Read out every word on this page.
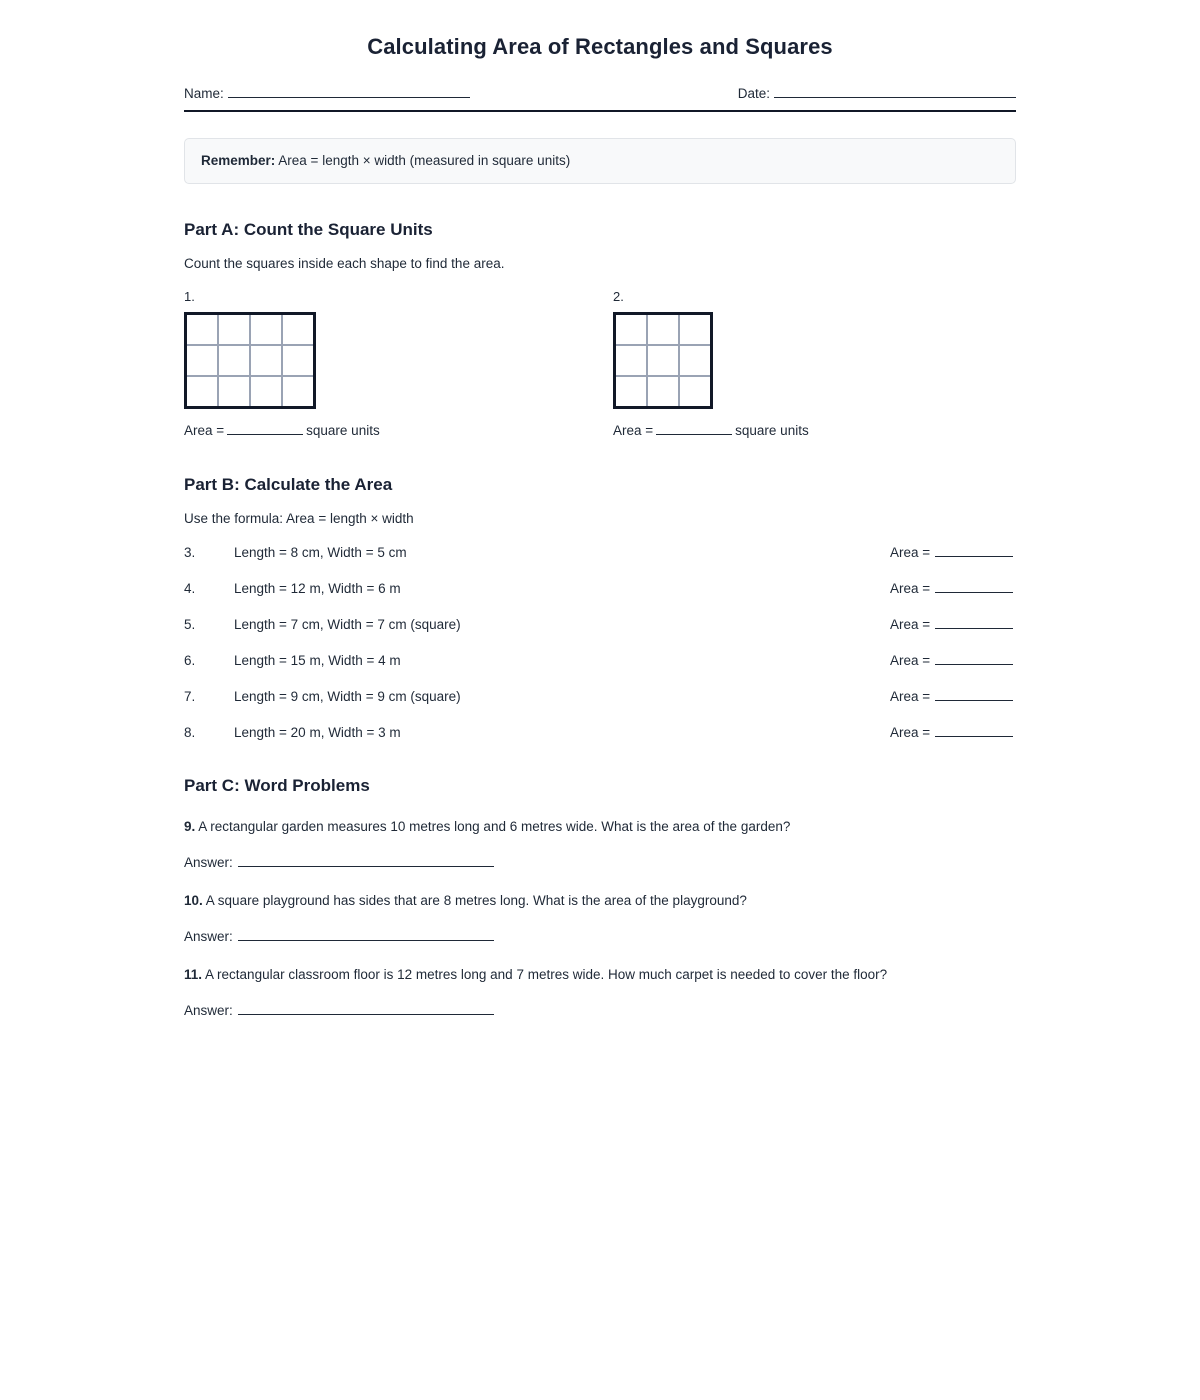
Calculating Area of Rectangles and Squares
Name:	Date:
Remember: Area = length × width (measured in square units)
Part A: Count the Square Units

Count the squares inside each shape to find the area.

1.
Area =	square units
2.
Area =	square units
Part B: Calculate the Area

Use the formula: Area = length × width

3.	Length = 8 cm, Width = 5 cm	Area =
4.	Length = 12 m, Width = 6 m	Area =
5.	Length = 7 cm, Width = 7 cm (square)	Area =
6.	Length = 15 m, Width = 4 m	Area =
7.	Length = 9 cm, Width = 9 cm (square)	Area =
8.	Length = 20 m, Width = 3 m	Area =
Part C: Word Problems

9. A rectangular garden measures 10 metres long and 6 metres wide. What is the area of the garden?

Answer:

10. A square playground has sides that are 8 metres long. What is the area of the playground?

Answer:

11. A rectangular classroom floor is 12 metres long and 7 metres wide. How much carpet is needed to cover the floor?

Answer:
